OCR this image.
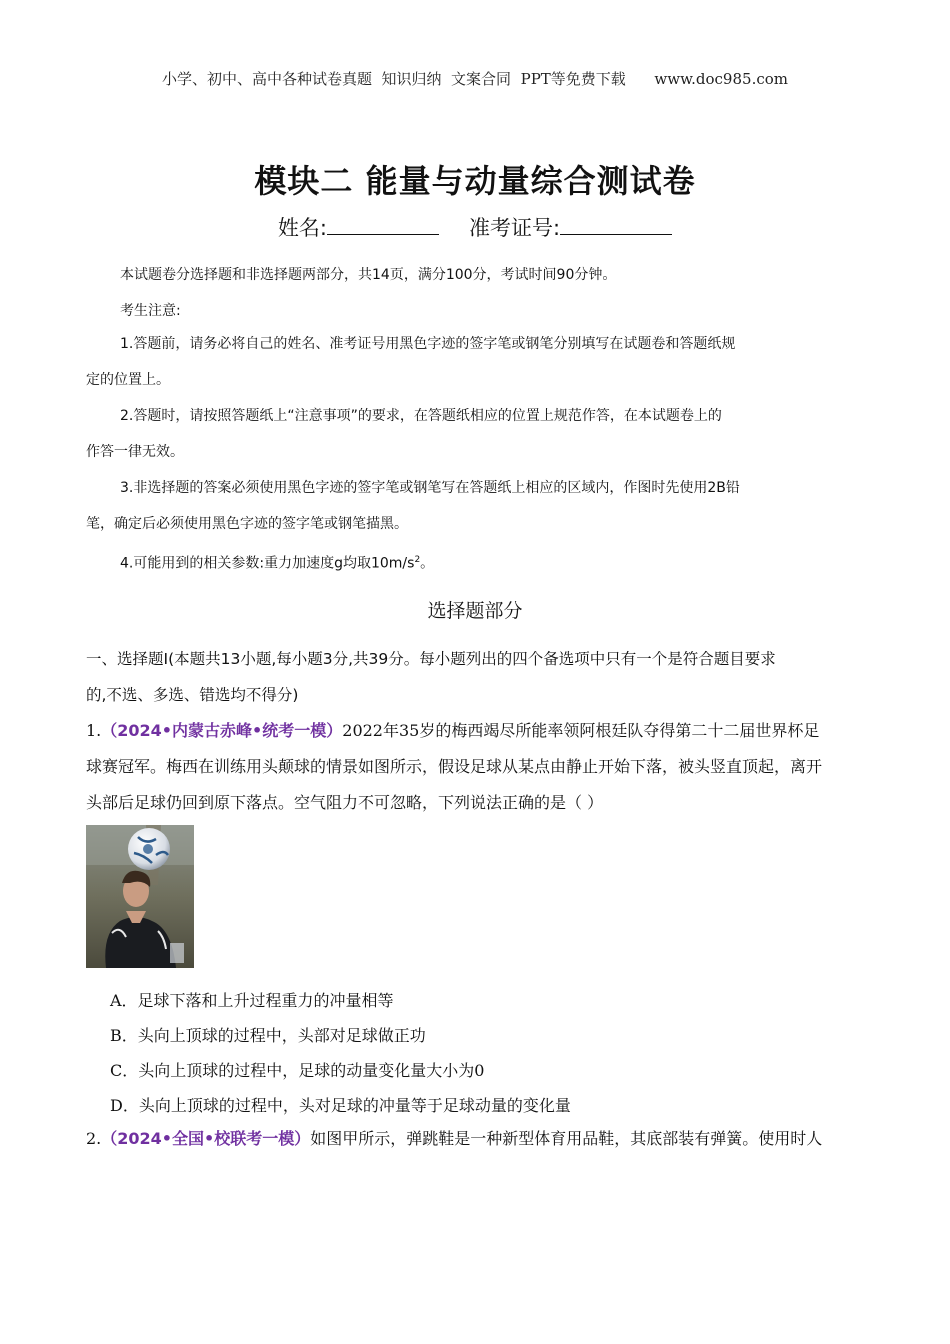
小学、初中、高中各种试卷真题  知识归纳  文案合同  PPT等免费下载      www.doc985.com
模块二 能量与动量综合测试卷
姓名:	准考证号:
本试题卷分选择题和非选择题两部分，共14页，满分100分，考试时间90分钟。
考生注意:
1.答题前，请务必将自己的姓名、准考证号用黑色字迹的签字笔或钢笔分别填写在试题卷和答题纸规
定的位置上。
2.答题时，请按照答题纸上“注意事项”的要求，在答题纸相应的位置上规范作答，在本试题卷上的
作答一律无效。
3.非选择题的答案必须使用黑色字迹的签字笔或钢笔写在答题纸上相应的区域内，作图时先使用2B铅
笔，确定后必须使用黑色字迹的签字笔或钢笔描黑。
4.可能用到的相关参数:重力加速度g均取$10m/s^2$。
选择题部分
一、选择题Ⅰ(本题共13小题,每小题3分,共39分。每小题列出的四个备选项中只有一个是符合题目要求
的,不选、多选、错选均不得分)
1.（2024•内蒙古赤峰•统考一模）2022年35岁的梅西竭尽所能率领阿根廷队夺得第二十二届世界杯足
球赛冠军。梅西在训练用头颠球的情景如图所示，假设足球从某点由静止开始下落，被头竖直顶起，离开
头部后足球仍回到原下落点。空气阻力不可忽略，下列说法正确的是（ ）
A．足球下落和上升过程重力的冲量相等
B．头向上顶球的过程中，头部对足球做正功
C．头向上顶球的过程中，足球的动量变化量大小为0
D．头向上顶球的过程中，头对足球的冲量等于足球动量的变化量
2.（2024•全国•校联考一模）如图甲所示，弹跳鞋是一种新型体育用品鞋，其底部装有弹簧。使用时人
